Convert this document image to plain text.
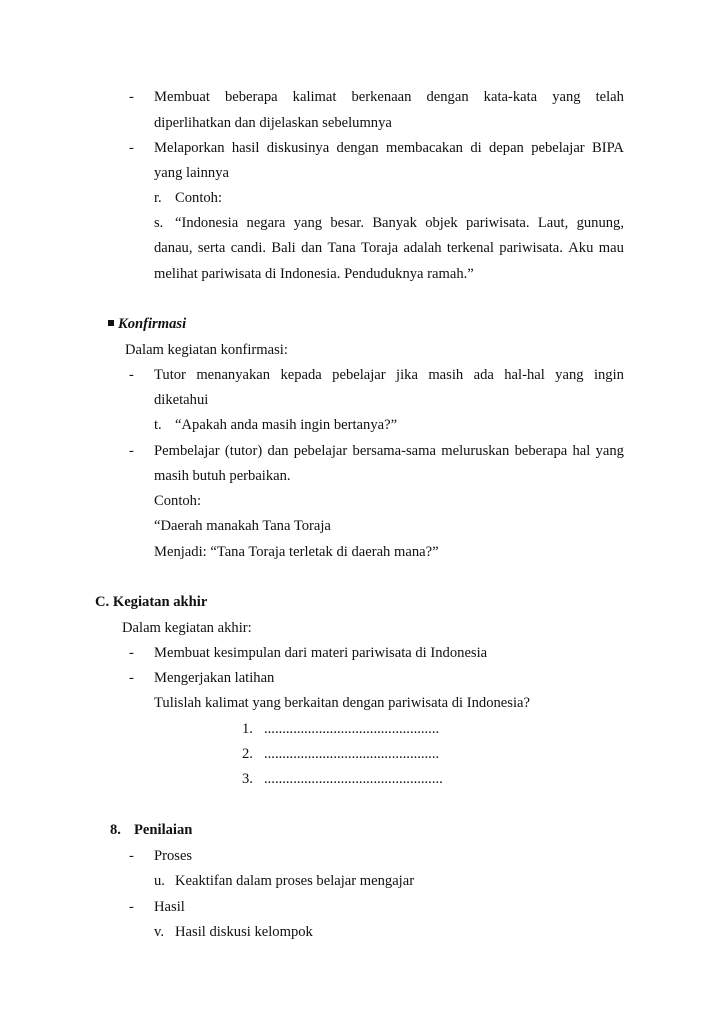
- Membuat beberapa kalimat berkenaan dengan kata-kata yang telah
diperlihatkan dan dijelaskan sebelumnya
- Melaporkan hasil diskusinya dengan membacakan di depan pebelajar BIPA
yang lainnya
r. Contoh:
s. “Indonesia negara yang besar. Banyak objek pariwisata. Laut, gunung,
danau, serta candi. Bali dan Tana Toraja adalah terkenal pariwisata. Aku mau
melihat pariwisata di Indonesia. Penduduknya ramah.”
Konfirmasi
Dalam kegiatan konfirmasi:
- Tutor menanyakan kepada pebelajar jika masih ada hal-hal yang ingin
diketahui
t. “Apakah anda masih ingin bertanya?”
- Pembelajar (tutor) dan pebelajar bersama-sama meluruskan beberapa hal yang
masih butuh perbaikan.
Contoh:
“Daerah manakah Tana Toraja
Menjadi: “Tana Toraja terletak di daerah mana?”
C. Kegiatan akhir
Dalam kegiatan akhir:
- Membuat kesimpulan dari materi pariwisata di Indonesia
- Mengerjakan latihan
Tulislah kalimat yang berkaitan dengan pariwisata di Indonesia?
1. ................................................
2. ................................................
3. .................................................
8. Penilaian
- Proses
u. Keaktifan dalam proses belajar mengajar
- Hasil
v. Hasil diskusi kelompok
